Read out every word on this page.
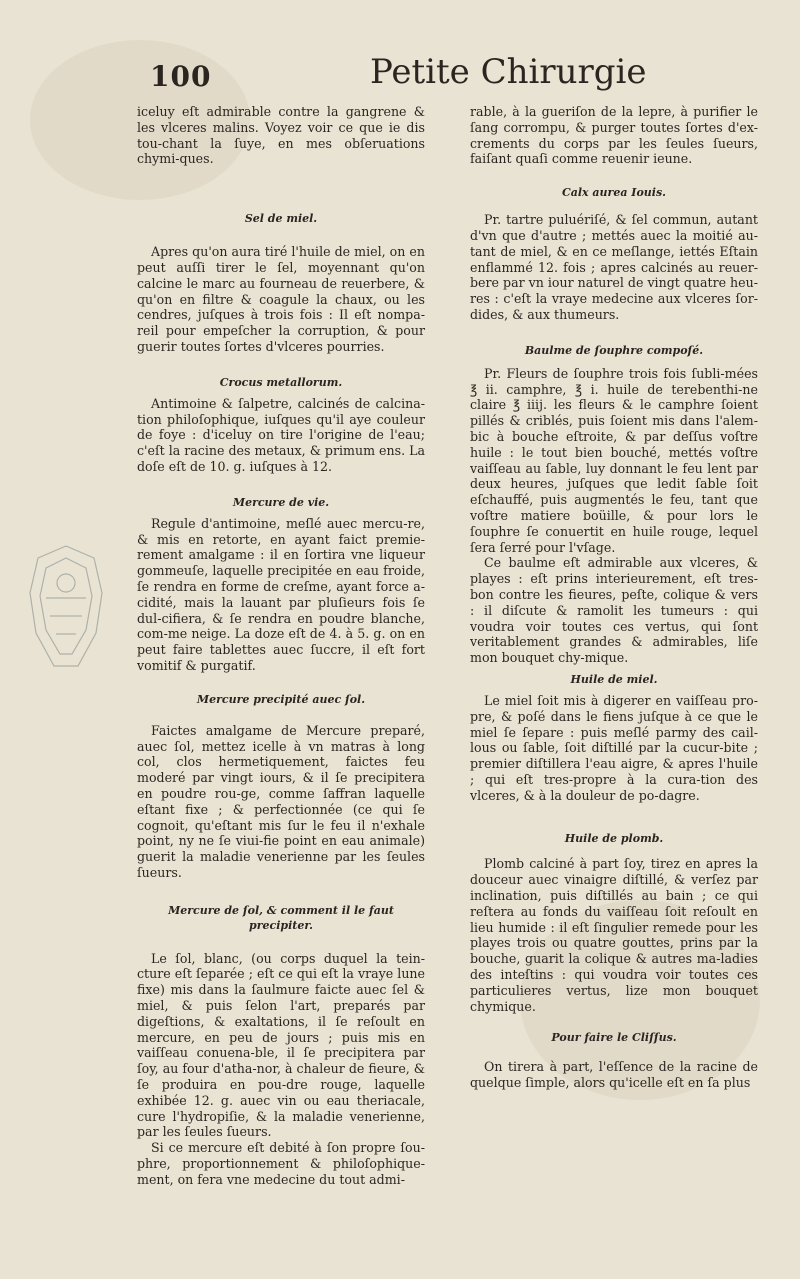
100	Petite Chirurgie

iceluy eſt admirable contre la gangrene & les vlceres malins. Voyez voir ce que ie dis tou-chant la ſuye, en mes obſeruations chymi-ques.

Sel de miel.

Apres qu'on aura tiré l'huile de miel, on en peut auſſi tirer le ſel, moyennant qu'on calcine le marc au fourneau de reuerbere, & qu'on en filtre & coagule la chaux, ou les cendres, juſques à trois fois : Il eſt nompa-reil pour empeſcher la corruption, & pour guerir toutes ſortes d'vlceres pourries.

Crocus metallorum.

Antimoine & ſalpetre, calcinés de calcina-tion philoſophique, iuſques qu'il aye couleur de foye : d'iceluy on tire l'origine de l'eau; c'eſt la racine des metaux, & primum ens. La doſe eſt de 10. g. iuſques à 12.

Mercure de vie.

Regule d'antimoine, meſlé auec mercu-re, & mis en retorte, en ayant faict premie-rement amalgame : il en ſortira vne liqueur gommeuſe, laquelle precipitée en eau froide, ſe rendra en forme de creſme, ayant force a-cidité, mais la lauant par pluſieurs fois ſe dul-cifiera, & ſe rendra en poudre blanche, com-me neige. La doze eſt de 4. à 5. g. on en peut faire tablettes auec ſuccre, il eſt fort vomitif & purgatif.

Mercure precipité auec ſol.

Faictes amalgame de Mercure preparé, auec ſol, mettez icelle à vn matras à long col, clos hermetiquement, faictes feu moderé par vingt iours, & il ſe precipitera en poudre rou-ge, comme ſaffran laquelle eſtant fixe ; & perfectionnée (ce qui ſe cognoit, qu'eſtant mis ſur le feu il n'exhale point, ny ne ſe viui-fie point en eau animale) guerit la maladie venerienne par les ſeules ſueurs.

Mercure de ſol, & comment il le faut precipiter.

Le ſol, blanc, (ou corps duquel la tein-cture eſt ſeparée ; eſt ce qui eſt la vraye lune fixe) mis dans la ſaulmure faicte auec ſel & miel, & puis ſelon l'art, preparés par digeſtions, & exaltations, il ſe reſoult en mercure, en peu de jours ; puis mis en vaiſſeau conuena-ble, il ſe precipitera par ſoy, au four d'atha-nor, à chaleur de fieure, & ſe produira en pou-dre rouge, laquelle exhibée 12. g. auec vin ou eau theriacale, cure l'hydropiſie, & la maladie venerienne, par les ſeules ſueurs.

Si ce mercure eſt debité à ſon propre ſou-phre, proportionnement & philoſophique-ment, on fera vne medecine du tout admi-

rable, à la gueriſon de la lepre, à purifier le ſang corrompu, & purger toutes ſortes d'ex-crements du corps par les ſeules ſueurs, faiſant quaſi comme reuenir ieune.

Calx aurea Iouis.

Pr. tartre puluériſé, & ſel commun, autant d'vn que d'autre ; mettés auec la moitié au-tant de miel, & en ce meſlange, iettés Eſtain enflammé 12. fois ; apres calcinés au reuer-bere par vn iour naturel de vingt quatre heu-res : c'eſt la vraye medecine aux vlceres ſor-dides, & aux thumeurs.

Baulme de ſouphre compoſé.

Pr. Fleurs de ſouphre trois fois ſubli-mées ℥ ii. camphre, ℥ i. huile de terebenthi-ne claire ℥ iiij. les fleurs & le camphre ſoient pillés & criblés, puis ſoient mis dans l'alem-bic à bouche eſtroite, & par deſſus voſtre huile : le tout bien bouché, mettés voſtre vaiſſeau au ſable, luy donnant le feu lent par deux heures, juſques que ledit ſable ſoit eſchauffé, puis augmentés le feu, tant que voſtre matiere boüille, & pour lors le ſouphre ſe conuertit en huile rouge, lequel ſera ſerré pour l'vſage.

Ce baulme eſt admirable aux vlceres, & playes : eſt prins interieurement, eſt tres-bon contre les fieures, peſte, colique & vers : il diſcute & ramolit les tumeurs : qui voudra voir toutes ces vertus, qui ſont veritablement grandes & admirables, liſe mon bouquet chy-mique.

Huile de miel.

Le miel ſoit mis à digerer en vaiſſeau pro-pre, & poſé dans le fiens juſque à ce que le miel ſe ſepare : puis meſlé parmy des cail-lous ou ſable, ſoit diſtillé par la cucur-bite ; premier diſtillera l'eau aigre, & apres l'huile ; qui eſt tres-propre à la cura-tion des vlceres, & à la douleur de po-dagre.

Huile de plomb.

Plomb calciné à part ſoy, tirez en apres la douceur auec vinaigre diſtillé, & verſez par inclination, puis diſtillés au bain ; ce qui reſtera au fonds du vaiſſeau ſoit reſoult en lieu humide : il eſt ſingulier remede pour les playes trois ou quatre gouttes, prins par la bouche, guarit la colique & autres ma-ladies des inteſtins : qui voudra voir toutes ces particulieres vertus, lize mon bouquet chymique.

Pour faire le Cliſſus.

On tirera à part, l'eſſence de la racine de quelque ſimple, alors qu'icelle eſt en ſa plus
